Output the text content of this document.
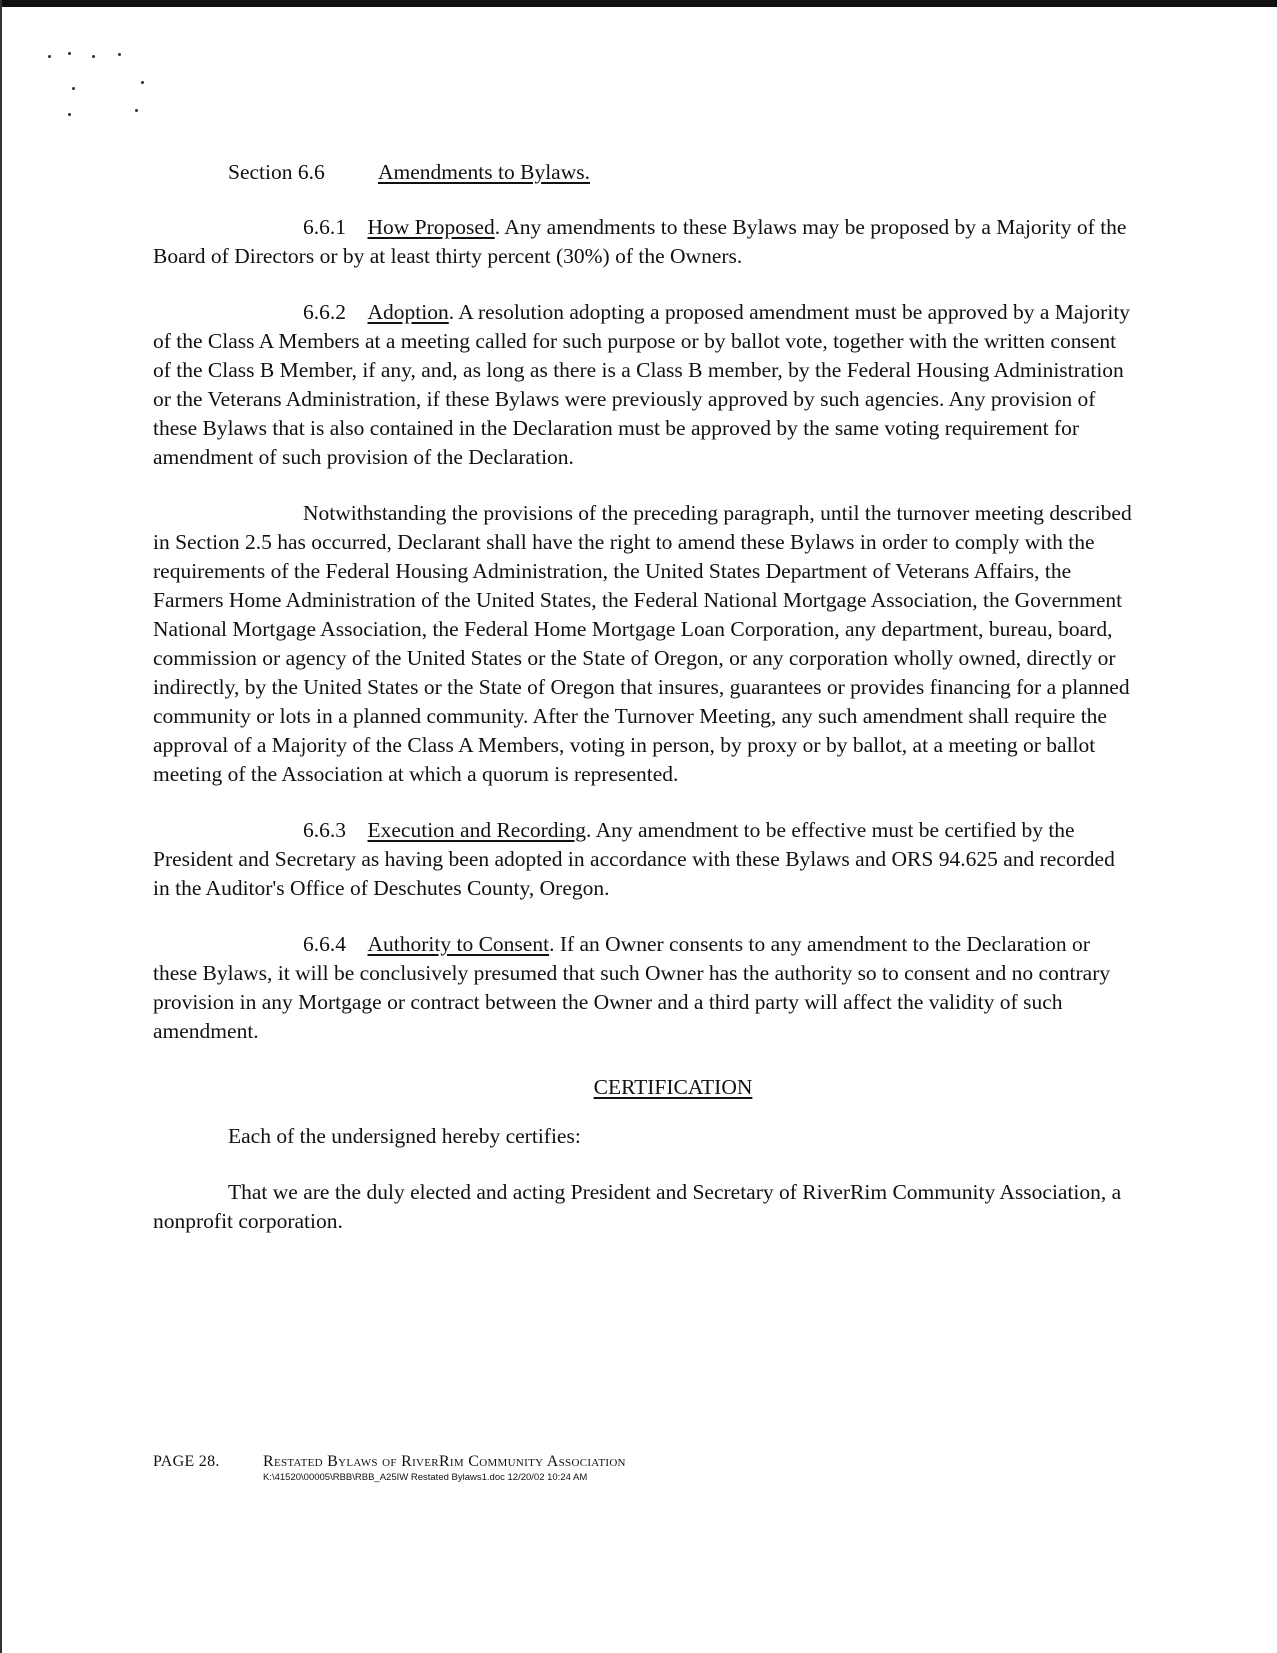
Section 6.6 Amendments to Bylaws.

6.6.1 How Proposed. Any amendments to these Bylaws may be proposed by a Majority of the Board of Directors or by at least thirty percent (30%) of the Owners.

6.6.2 Adoption. A resolution adopting a proposed amendment must be approved by a Majority of the Class A Members at a meeting called for such purpose or by ballot vote, together with the written consent of the Class B Member, if any, and, as long as there is a Class B member, by the Federal Housing Administration or the Veterans Administration, if these Bylaws were previously approved by such agencies. Any provision of these Bylaws that is also contained in the Declaration must be approved by the same voting requirement for amendment of such provision of the Declaration.

Notwithstanding the provisions of the preceding paragraph, until the turnover meeting described in Section 2.5 has occurred, Declarant shall have the right to amend these Bylaws in order to comply with the requirements of the Federal Housing Administration, the United States Department of Veterans Affairs, the Farmers Home Administration of the United States, the Federal National Mortgage Association, the Government National Mortgage Association, the Federal Home Mortgage Loan Corporation, any department, bureau, board, commission or agency of the United States or the State of Oregon, or any corporation wholly owned, directly or indirectly, by the United States or the State of Oregon that insures, guarantees or provides financing for a planned community or lots in a planned community. After the Turnover Meeting, any such amendment shall require the approval of a Majority of the Class A Members, voting in person, by proxy or by ballot, at a meeting or ballot meeting of the Association at which a quorum is represented.

6.6.3 Execution and Recording. Any amendment to be effective must be certified by the President and Secretary as having been adopted in accordance with these Bylaws and ORS 94.625 and recorded in the Auditor's Office of Deschutes County, Oregon.

6.6.4 Authority to Consent. If an Owner consents to any amendment to the Declaration or these Bylaws, it will be conclusively presumed that such Owner has the authority so to consent and no contrary provision in any Mortgage or contract between the Owner and a third party will affect the validity of such amendment.

CERTIFICATION

Each of the undersigned hereby certifies:

That we are the duly elected and acting President and Secretary of RiverRim Community Association, a nonprofit corporation.

PAGE 28.	Restated Bylaws of RiverRim Community Association
K:\41520\00005\RBB\RBB_A25IW Restated Bylaws1.doc 12/20/02 10:24 AM
